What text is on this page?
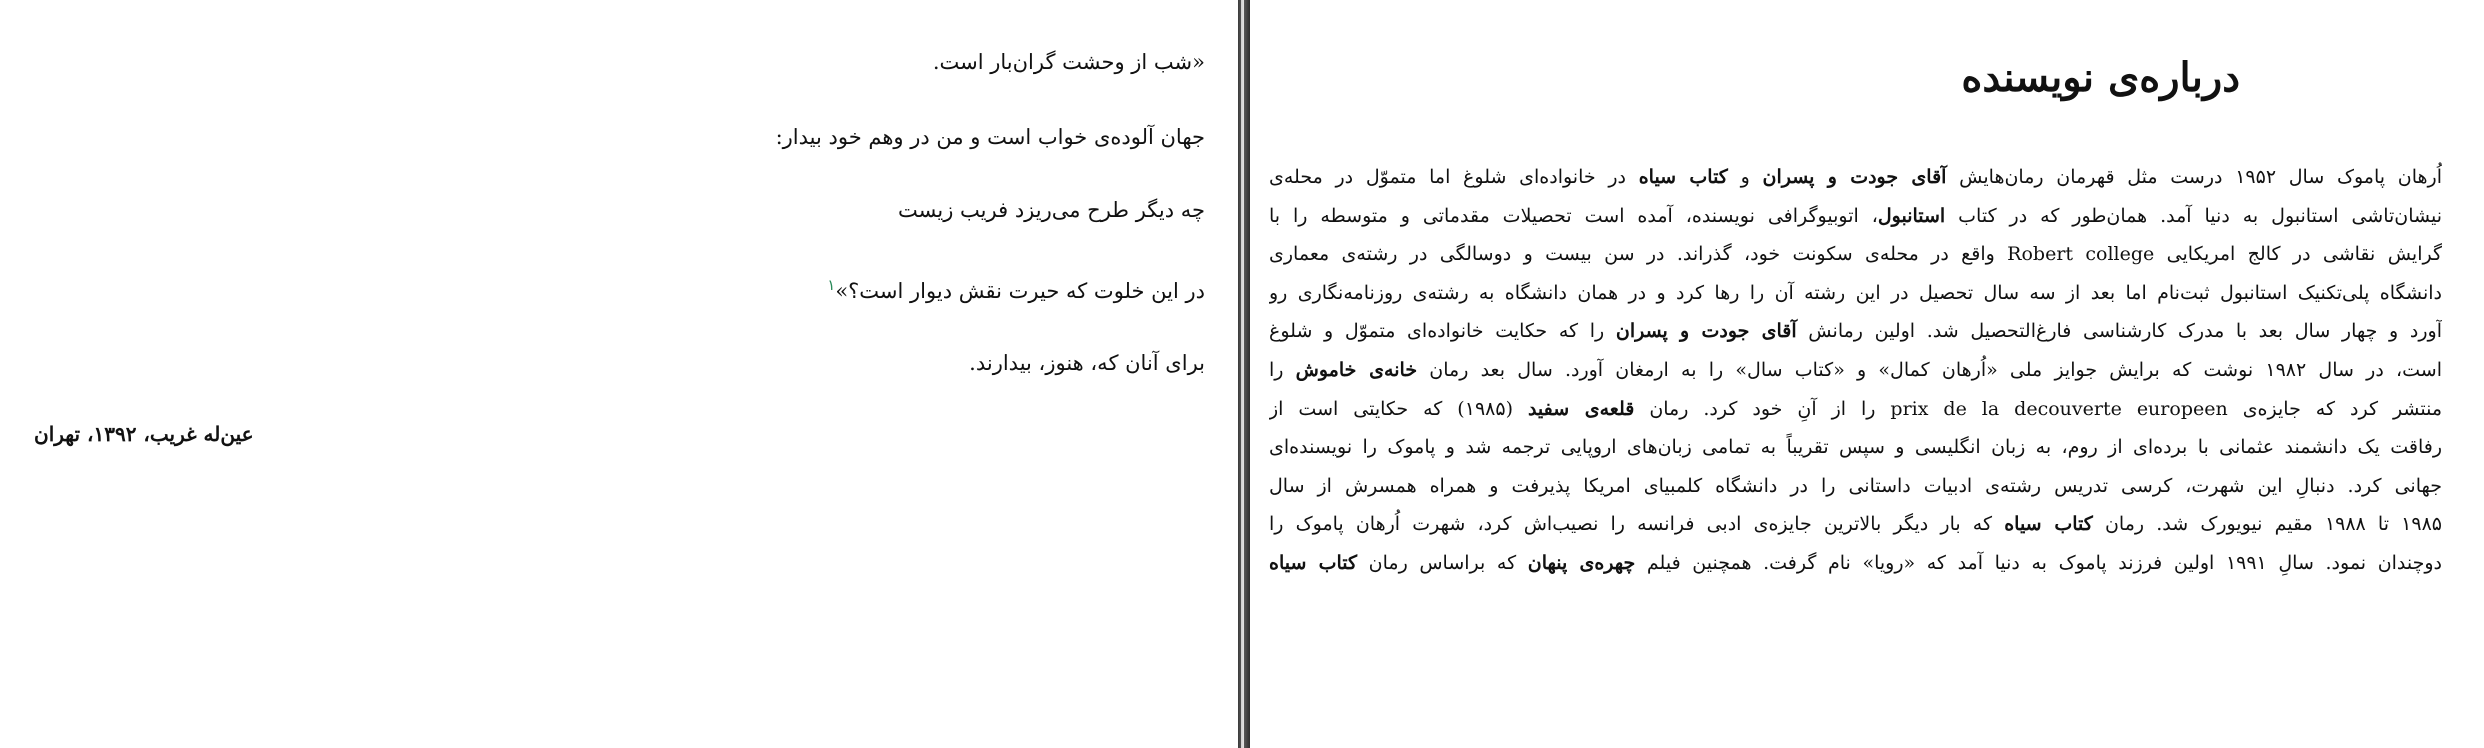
«شب از وحشت گران‌بار است.
جهان آلوده‌ی خواب است و من در وهم خود بیدار:
چه دیگر طرح می‌ریزد فریب زیست
در این خلوت که حیرت نقش دیوار است؟»$^۱$
برای آنان که، هنوز، بیدارند.
عین‌له غریب، ۱۳۹۲، تهران
درباره‌ی نویسنده
اُرهان پاموک سال ۱۹۵۲ درست مثل قهرمان رمان‌هایش آقای جودت و پسران و کتاب سیاه در خانواده‌ای شلوغ اما متموّل در محله‌ی
نیشان‌تاشی استانبول به دنیا آمد. همان‌طور که در کتاب استانبول، اتوبیوگرافی نویسنده، آمده است تحصیلات مقدماتی و متوسطه را با
گرایش نقاشی در کالج امریکایی Robert college واقع در محله‌ی سکونت خود، گذراند. در سن بیست و دوسالگی در رشته‌ی معماری
دانشگاه پلی‌تکنیک استانبول ثبت‌نام اما بعد از سه سال تحصیل در این رشته آن را رها کرد و در همان دانشگاه به رشته‌ی روزنامه‌نگاری رو
آورد و چهار سال بعد با مدرک کارشناسی فارغ‌التحصیل شد. اولین رمانش آقای جودت و پسران را که حکایت خانواده‌ای متموّل و شلوغ
است، در سال ۱۹۸۲ نوشت که برایش جوایز ملی «اُرهان کمال» و «کتاب سال» را به ارمغان آورد. سال بعد رمان خانه‌ی خاموش را
منتشر کرد که جایزه‌ی prix de la decouverte europeen را از آنِ خود کرد. رمان قلعه‌ی سفید (۱۹۸۵) که حکایتی است از
رفاقت یک دانشمند عثمانی با برده‌ای از روم، به زبان انگلیسی و سپس تقریباً به تمامی زبان‌های اروپایی ترجمه شد و پاموک را نویسنده‌ای
جهانی کرد. دنبالِ این شهرت، کرسی تدریس رشته‌ی ادبیات داستانی را در دانشگاه کلمبیای امریکا پذیرفت و همراه همسرش از سال
۱۹۸۵ تا ۱۹۸۸ مقیم نیویورک شد. رمان کتاب سیاه که بار دیگر بالاترین جایزه‌ی ادبی فرانسه را نصیب‌اش کرد، شهرت اُرهان پاموک را
دوچندان نمود. سالِ ۱۹۹۱ اولین فرزند پاموک به دنیا آمد که «رویا» نام گرفت. همچنین فیلم چهره‌ی پنهان که براساس رمان کتاب سیاه
